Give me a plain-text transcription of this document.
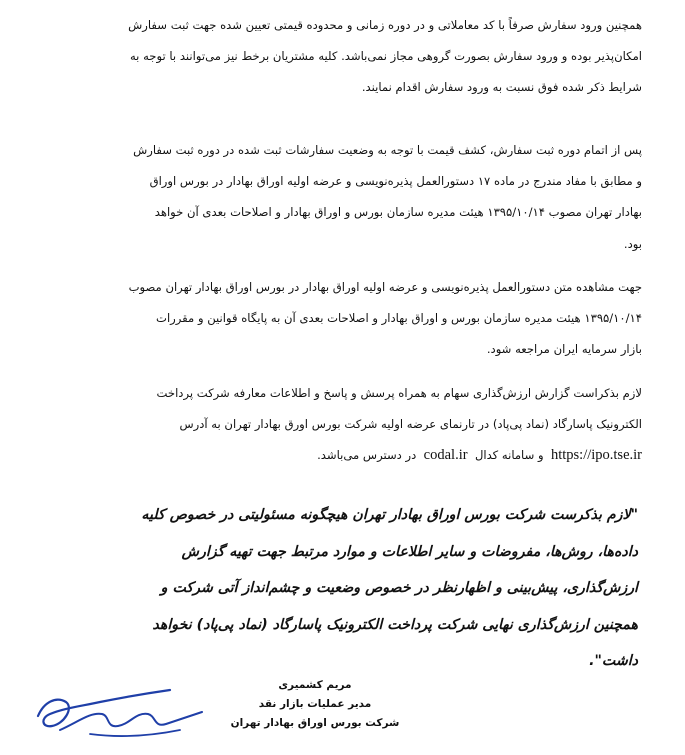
همچنین ورود سفارش صرفاً با کد معاملاتی و در دوره زمانی و محدوده قیمتی تعیین شده جهت ثبت سفارش

امکان‌پذیر بوده و ورود سفارش بصورت گروهی مجاز نمی‌باشد. کلیه مشتریان برخط نیز می‌توانند با توجه به

شرایط ذکر شده فوق نسبت به ورود سفارش اقدام نمایند.

پس از اتمام دوره ثبت سفارش، کشف قیمت با توجه به وضعیت سفارشات ثبت شده در دوره ثبت سفارش

و مطابق با مفاد مندرج در ماده ۱۷ دستورالعمل پذیره‌نویسی و عرضه اولیه اوراق بهادار در بورس اوراق

بهادار تهران مصوب ۱۳۹۵/۱۰/۱۴ هیئت مدیره سازمان بورس و اوراق بهادار و اصلاحات بعدی آن خواهد

بود.

جهت مشاهده متن دستورالعمل پذیره‌نویسی و عرضه اولیه اوراق بهادار در بورس اوراق بهادار تهران مصوب

۱۳۹۵/۱۰/۱۴ هیئت مدیره سازمان بورس و اوراق بهادار و اصلاحات بعدی آن به پایگاه قوانین و مقررات

بازار سرمایه ایران مراجعه شود.

لازم بذکراست گزارش ارزش‌گذاری سهام به همراه پرسش و پاسخ و اطلاعات معارفه شرکت پرداخت

الکترونیک پاسارگاد (نماد پی‌پاد) در تارنمای عرضه اولیه شرکت بورس اورق بهادار تهران به آدرس

https://ipo.tse.ir  و سامانه کدال  codal.ir  در دسترس می‌باشد.

"لازم بذکرست شرکت بورس اوراق بهادار تهران هیچگونه مسئولیتی در خصوص کلیه

داده‌ها، روش‌ها، مفروضات و سایر اطلاعات و موارد مرتبط جهت تهیه گزارش

ارزش‌گذاری، پیش‌بینی و اظهارنظر در خصوص وضعیت و چشم‌انداز آتی شرکت و

همچنین ارزش‌گذاری نهایی شرکت پرداخت الکترونیک پاسارگاد (نماد پی‌پاد) نخواهد

داشت".

مریم کشمیری
مدیر عملیات بازار نقد
شرکت بورس اوراق بهادار تهران
